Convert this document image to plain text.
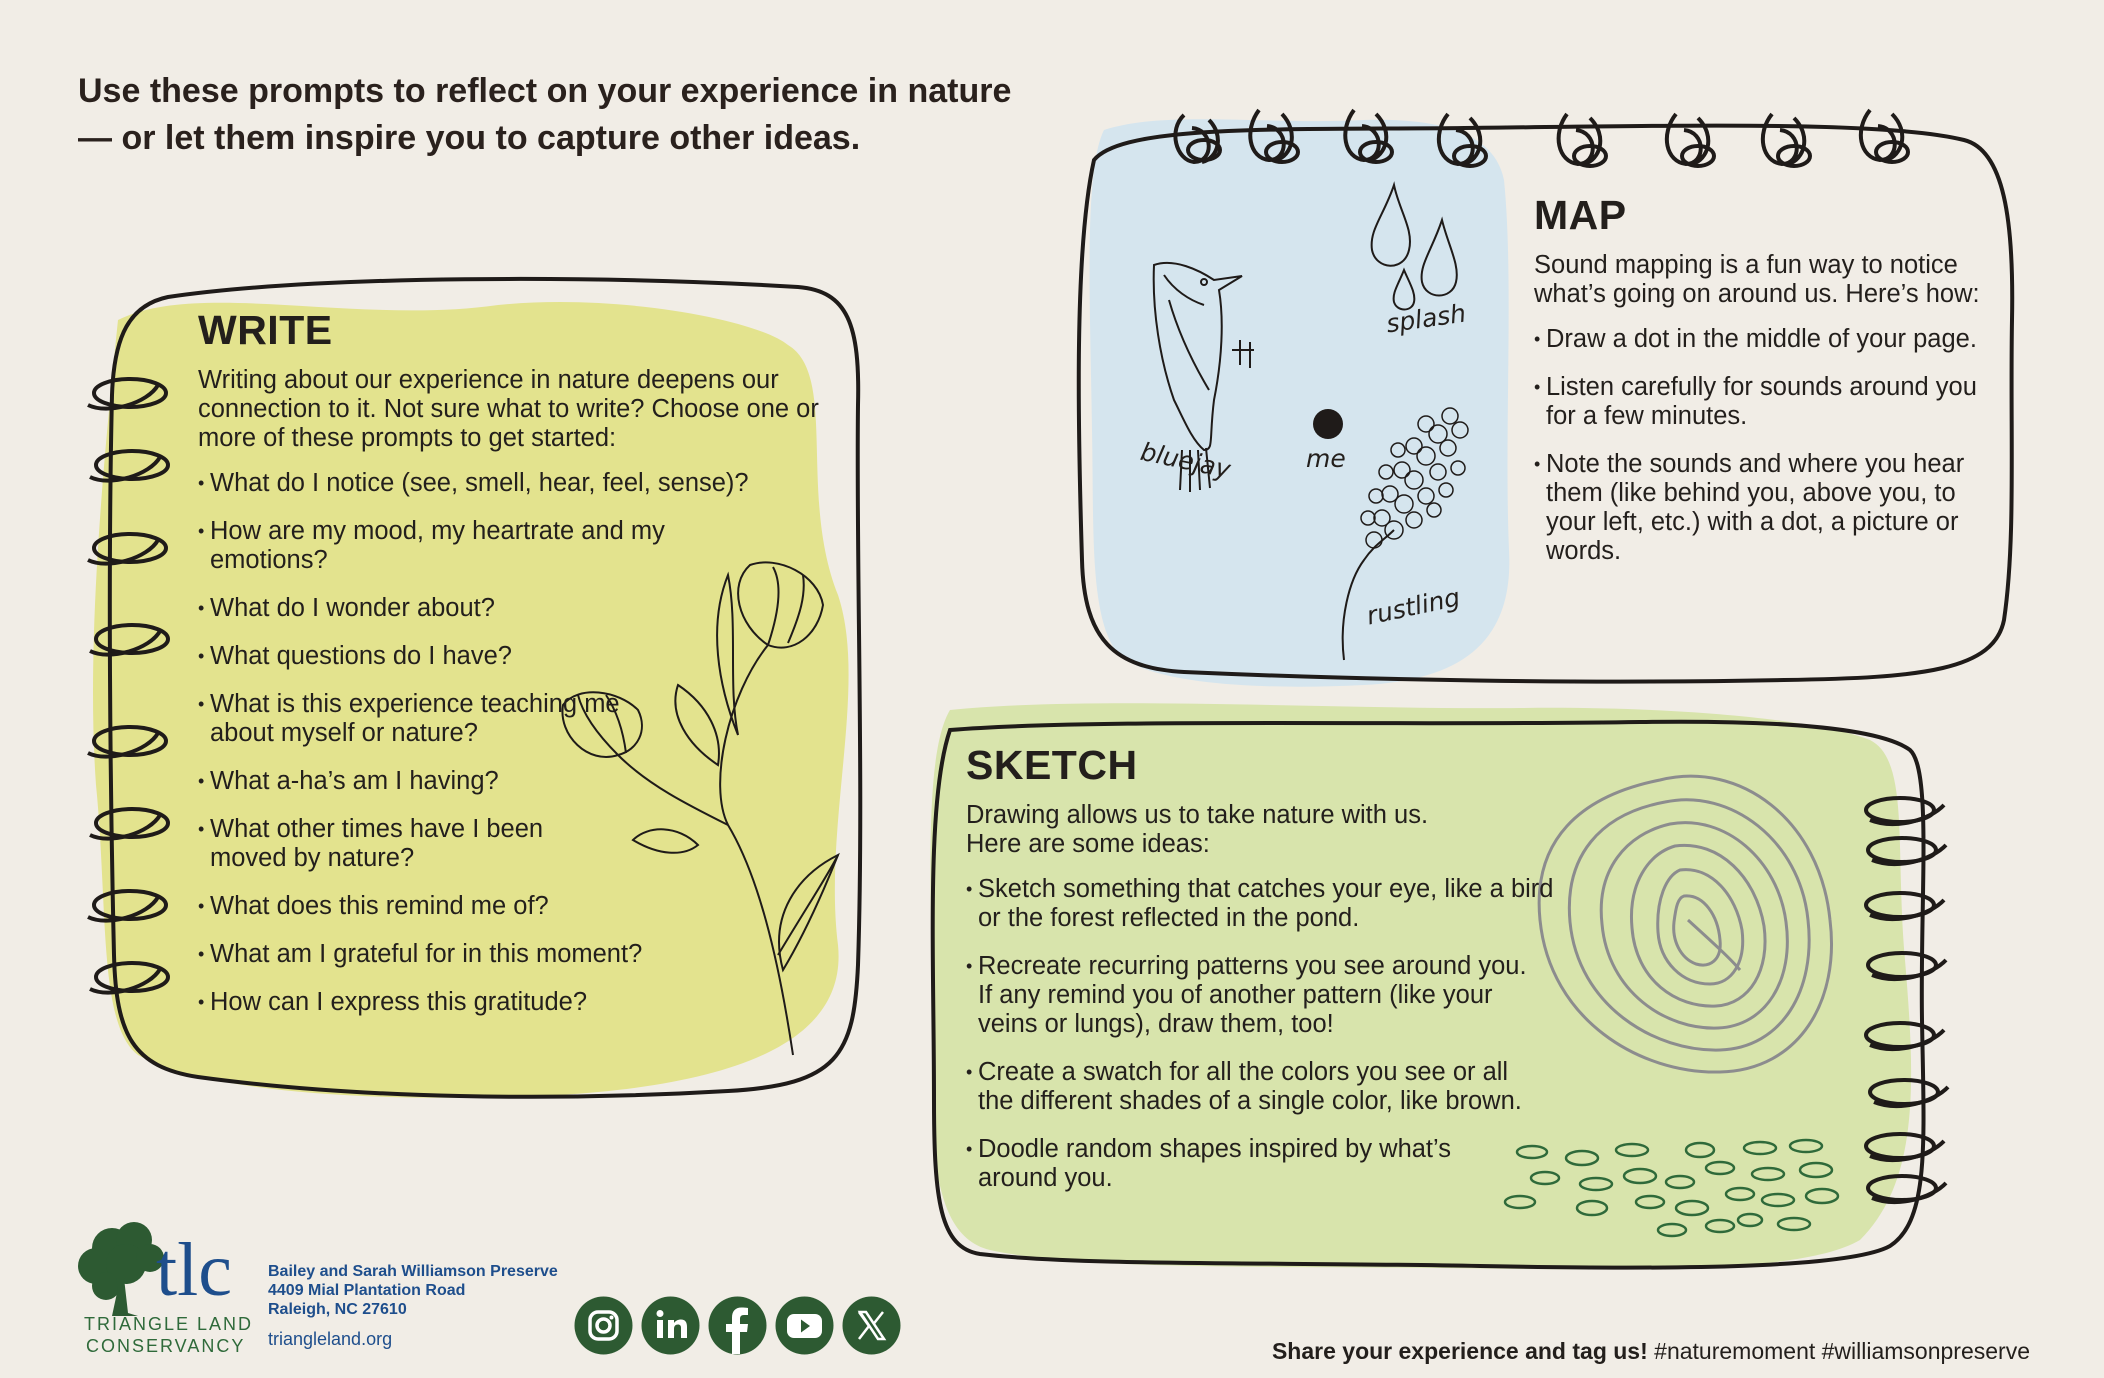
Use these prompts to reflect on your experience in nature — or let them inspire you to capture other ideas.

WRITE

Writing about our experience in nature deepens our connection to it. Not sure what to write? Choose one or more of these prompts to get started:

• What do I notice (see, smell, hear, feel, sense)?
• How are my mood, my heartrate and my emotions?
• What do I wonder about?
• What questions do I have?
• What is this experience teaching me about myself or nature?
• What a-ha’s am I having?
• What other times have I been moved by nature?
• What does this remind me of?
• What am I grateful for in this moment?
• How can I express this gratitude?
bluejay
splash
me
rustling
MAP

Sound mapping is a fun way to notice what’s going on around us. Here’s how:

• Draw a dot in the middle of your page.
• Listen carefully for sounds around you for a few minutes.
• Note the sounds and where you hear them (like behind you, above you, to your left, etc.) with a dot, a picture or words.
SKETCH

Drawing allows us to take nature with us. Here are some ideas:

• Sketch something that catches your eye, like a bird or the forest reflected in the pond.
• Recreate recurring patterns you see around you. If any remind you of another pattern (like your veins or lungs), draw them, too!
• Create a swatch for all the colors you see or all the different shades of a single color, like brown.
• Doodle random shapes inspired by what’s around you.
tlc
TRIANGLE LAND
CONSERVANCY
Bailey and Sarah Williamson Preserve
4409 Mial Plantation Road
Raleigh, NC 27610
triangleland.org	Share your experience and tag us! #naturemoment #williamsonpreserve
